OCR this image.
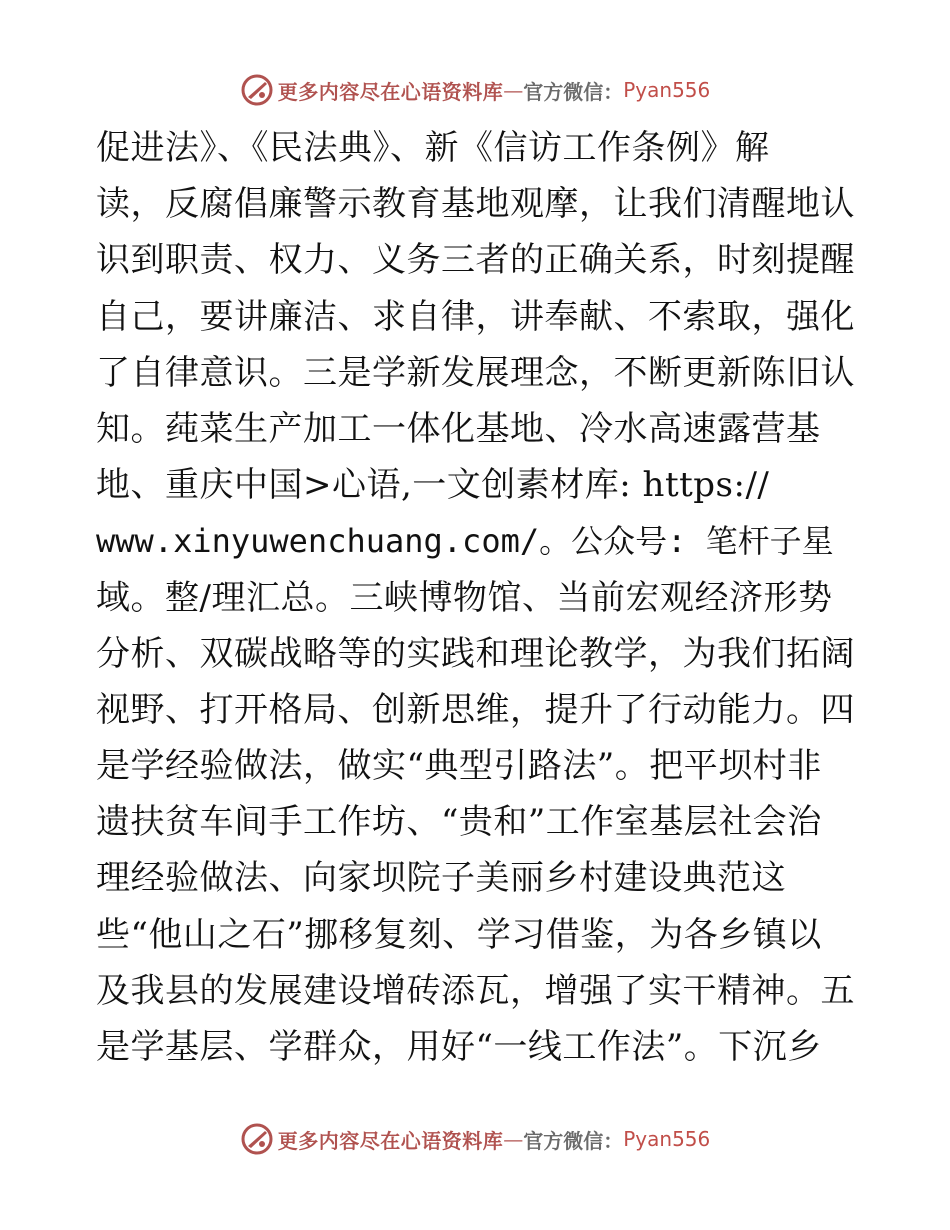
更多内容尽在心语资料库 — 官方微信： Pyan556
促进法》、《民法典》、新《信访工作条例》解
读，反腐倡廉警示教育基地观摩，让我们清醒地认
识到职责、权力、义务三者的正确关系，时刻提醒
自己，要讲廉洁、求自律，讲奉献、不索取，强化
了自律意识。三是学新发展理念，不断更新陈旧认
知。莼菜生产加工一体化基地、冷水高速露营基
地、重庆中国>心语,一文创素材库: https://
www.xinyuwenchuang.com/。公众号: 笔杆子星
域。整/理汇总。三峡博物馆、当前宏观经济形势
分析、双碳战略等的实践和理论教学，为我们拓阔
视野、打开格局、创新思维，提升了行动能力。四
是学经验做法，做实“典型引路法”。把平坝村非
遗扶贫车间手工作坊、“贵和”工作室基层社会治
理经验做法、向家坝院子美丽乡村建设典范这
些“他山之石”挪移复刻、学习借鉴，为各乡镇以
及我县的发展建设增砖添瓦，增强了实干精神。五
是学基层、学群众，用好“一线工作法”。下沉乡
更多内容尽在心语资料库 — 官方微信： Pyan556
